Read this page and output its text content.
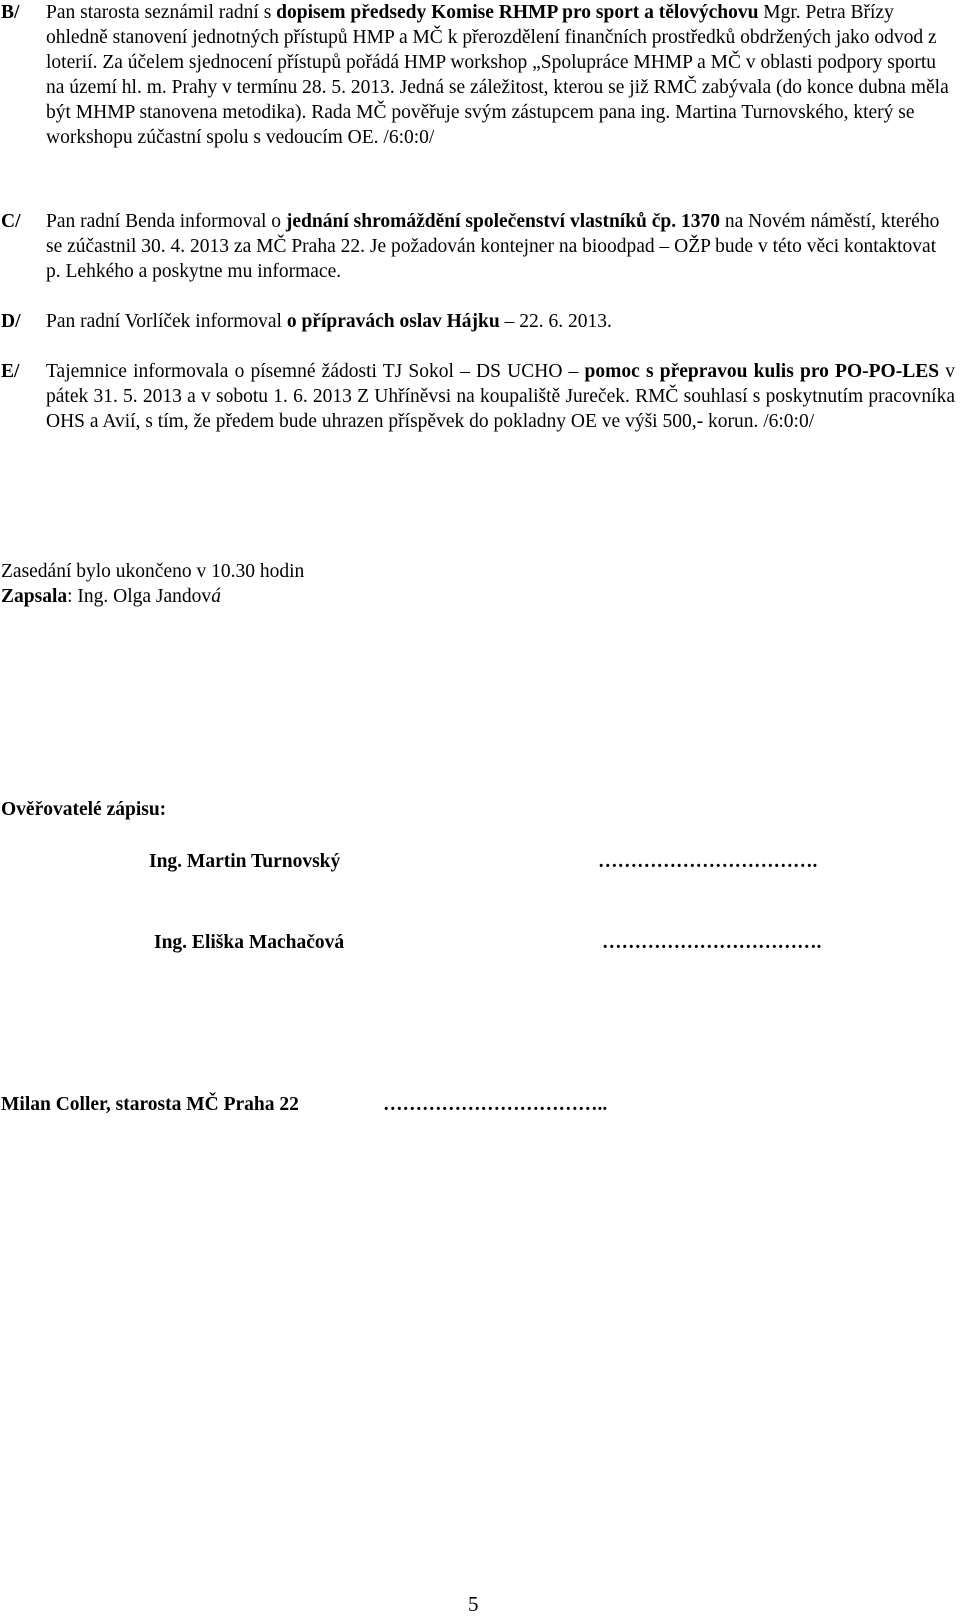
B/	Pan starosta seznámil radní s dopisem předsedy Komise RHMP pro sport a tělovýchovu Mgr. Petra Břízy ohledně stanovení jednotných přístupů HMP a MČ k přerozdělení finančních prostředků obdržených jako odvod z loterií. Za účelem sjednocení přístupů pořádá HMP workshop „Spolupráce MHMP a MČ v oblasti podpory sportu na území hl. m. Prahy v termínu 28. 5. 2013. Jedná se záležitost, kterou se již RMČ zabývala (do konce dubna měla být MHMP stanovena metodika). Rada MČ pověřuje svým zástupcem pana ing. Martina Turnovského, který se workshopu zúčastní spolu s vedoucím OE. /6:0:0/
C/	Pan radní Benda informoval o jednání shromáždění společenství vlastníků čp. 1370 na Novém náměstí, kterého se zúčastnil 30. 4. 2013 za MČ Praha 22. Je požadován kontejner na bioodpad – OŽP bude v této věci kontaktovat p. Lehkého a poskytne mu informace.
D/	Pan radní Vorlíček informoval o přípravách oslav Hájku – 22. 6. 2013.
E/	Tajemnice informovala o písemné žádosti TJ Sokol – DS UCHO – pomoc s přepravou kulis pro PO-PO-LES v pátek 31. 5. 2013 a v sobotu 1. 6. 2013 Z Uhříněvsi na koupaliště Jureček. RMČ souhlasí s poskytnutím pracovníka OHS a Avií, s tím, že předem bude uhrazen příspěvek do pokladny OE ve výši 500,- korun. /6:0:0/

Zasedání bylo ukončeno v 10.30 hodin

Zapsala: Ing. Olga Jandová

Ověřovatelé zápisu:
Ing. Martin Turnovský	…………………………….
Ing. Eliška Machačová	…………………………….
Milan Coller, starosta MČ Praha 22	……………………………..
5
